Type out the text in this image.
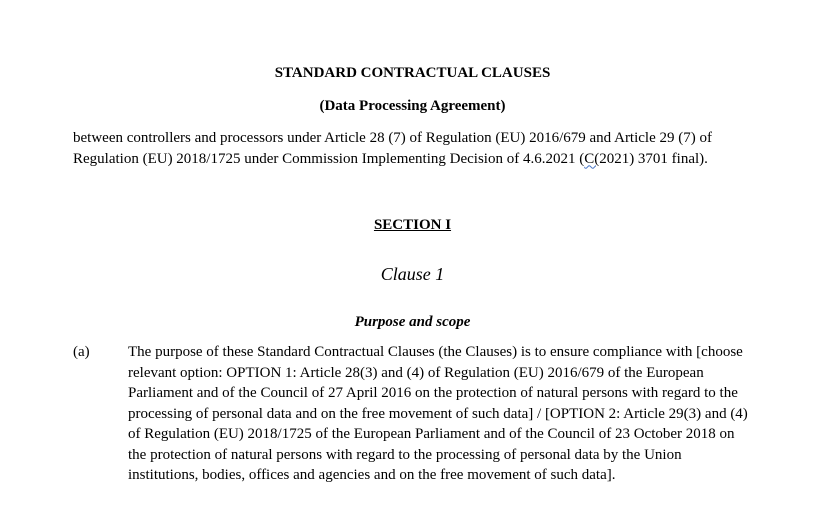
STANDARD CONTRACTUAL CLAUSES

(Data Processing Agreement)

between controllers and processors under Article 28 (7) of Regulation (EU) 2016/679 and Article 29 (7) of Regulation (EU) 2018/1725 under Commission Implementing Decision of 4.6.2021 (C(2021) 3701 final).

SECTION I

Clause 1

Purpose and scope

(a)	The purpose of these Standard Contractual Clauses (the Clauses) is to ensure compliance with [choose relevant option: OPTION 1: Article 28(3) and (4) of Regulation (EU) 2016/679 of the European Parliament and of the Council of 27 April 2016 on the protection of natural persons with regard to the processing of personal data and on the free movement of such data] / [OPTION 2: Article 29(3) and (4) of Regulation (EU) 2018/1725 of the European Parliament and of the Council of 23 October 2018 on the protection of natural persons with regard to the processing of personal data by the Union institutions, bodies, offices and agencies and on the free movement of such data].
